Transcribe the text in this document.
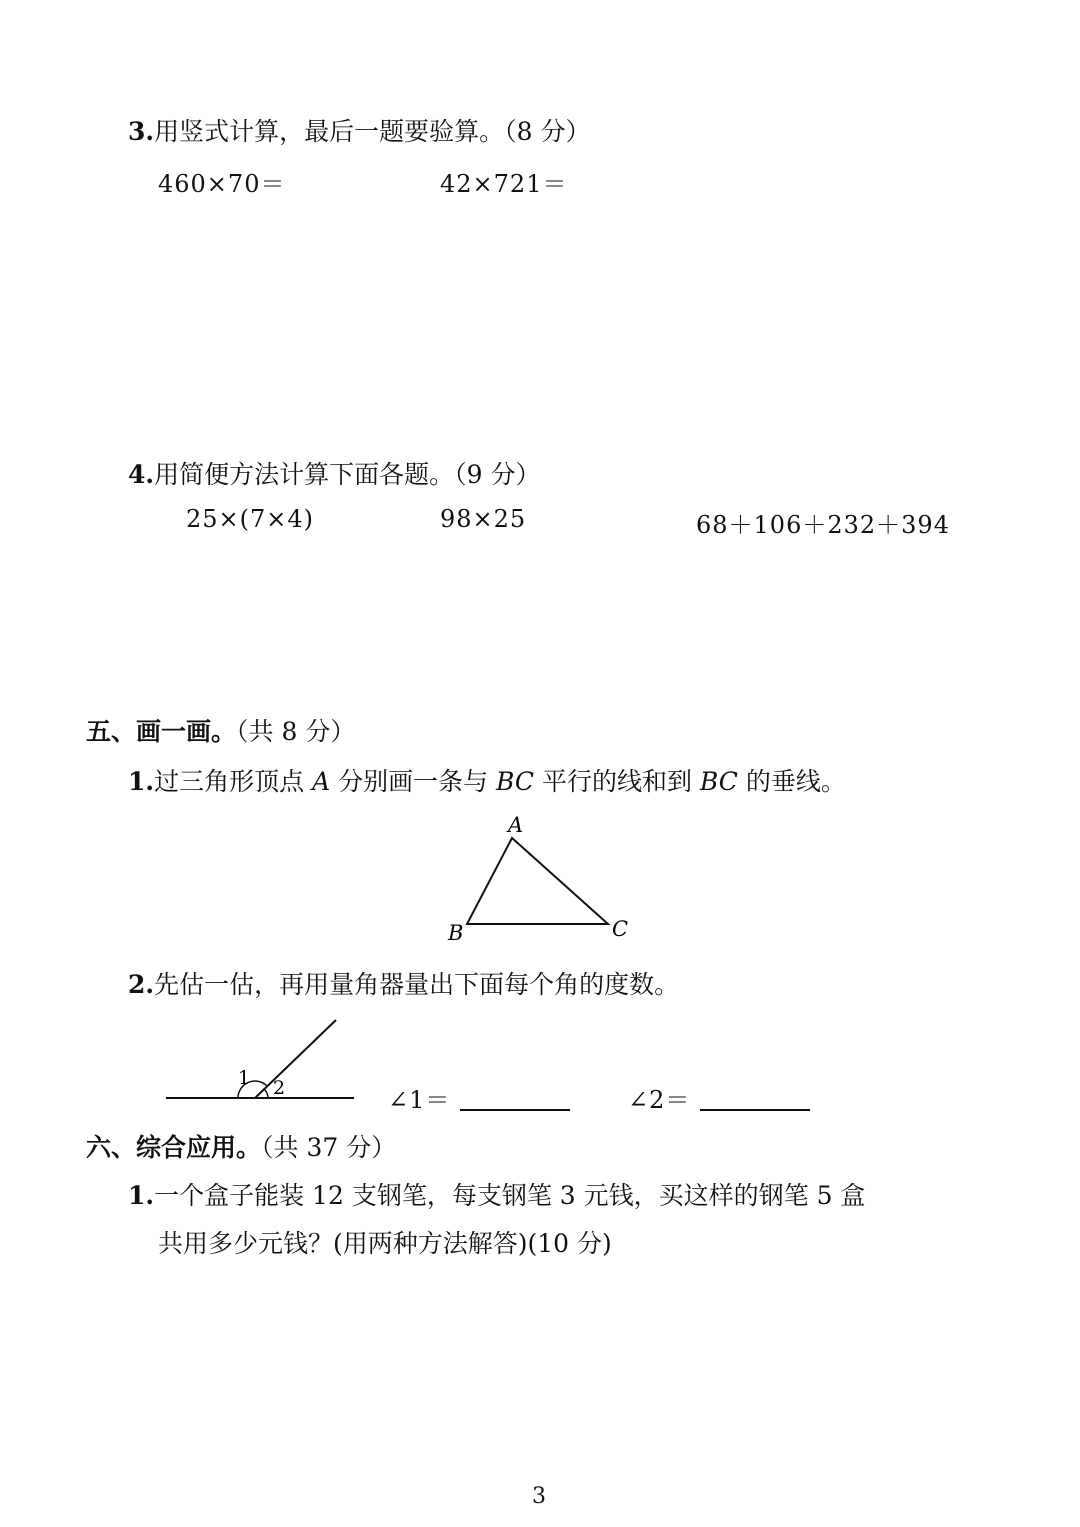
3.用竖式计算，最后一题要验算。（8 分）
460×70＝	42×721＝
4.用简便方法计算下面各题。（9 分）
25×(7×4)	98×25	68＋106＋232＋394
五、画一画。（共 8 分）
1.过三角形顶点 A 分别画一条与 BC 平行的线和到 BC 的垂线。
A
B	C
2.先估一估，再用量角器量出下面每个角的度数。
1 2	∠1＝	∠2＝
六、综合应用。（共 37 分）
1.一个盒子能装 12 支钢笔，每支钢笔 3 元钱，买这样的钢笔 5 盒
共用多少元钱？(用两种方法解答)(10 分)
3
